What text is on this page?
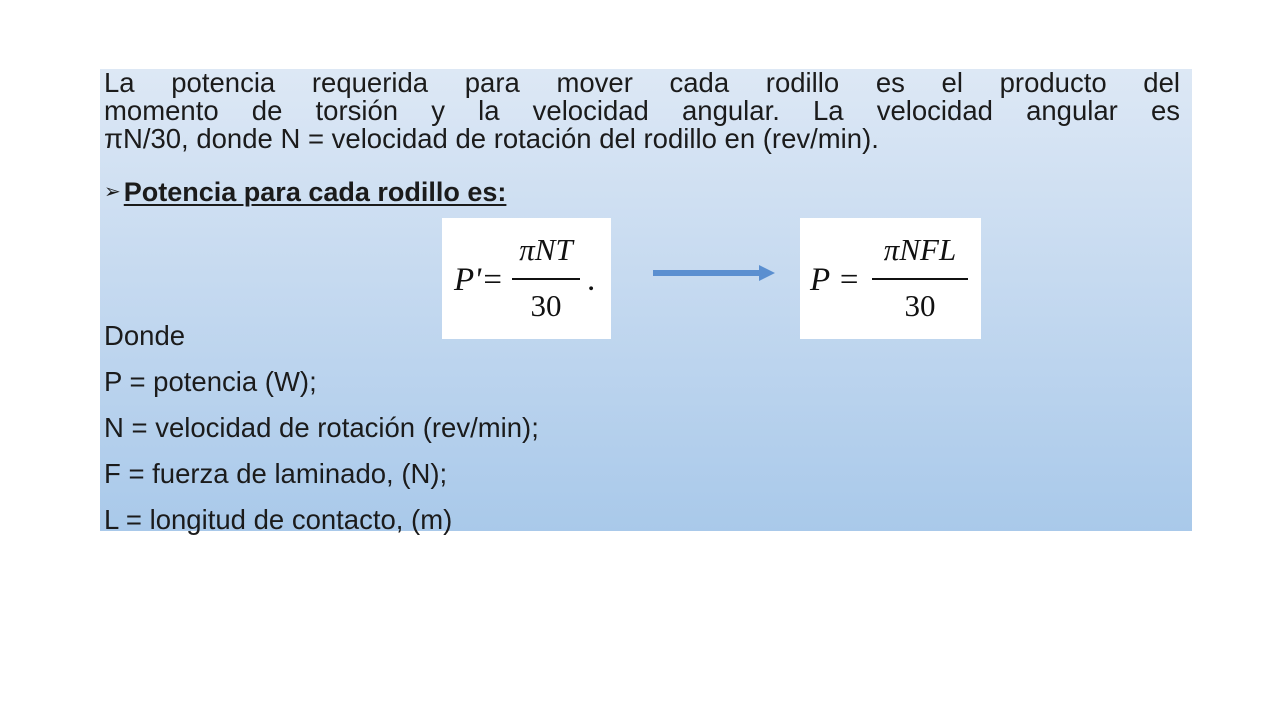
La potencia requerida para mover cada rodillo es el producto del
momento de torsión y la velocidad angular. La velocidad angular es
πN/30, donde N = velocidad de rotación del rodillo en (rev/min).
➢ Potencia para cada rodillo es:
P'=
πNT
30
.	P =
πNFL
30
Donde
P = potencia (W);
N = velocidad de rotación (rev/min);
F = fuerza de laminado, (N);
L = longitud de contacto, (m)
